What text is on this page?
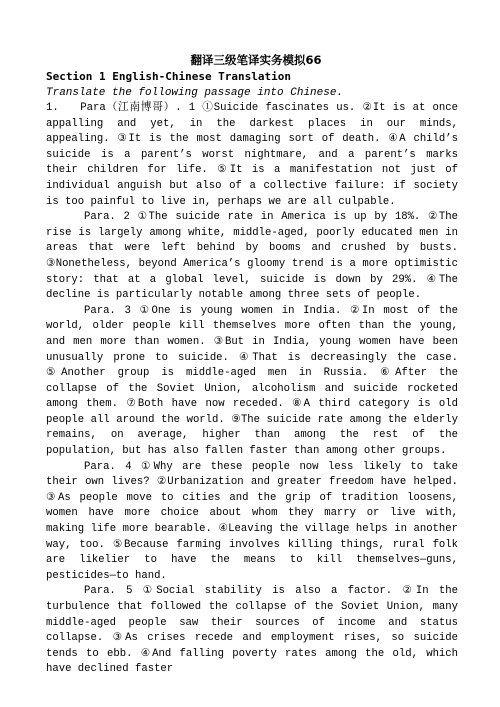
翻译三级笔译实务模拟66
Section 1 English-Chinese Translation
Translate the following passage into Chinese.

1.   Para（江南博哥）. 1 ①Suicide fascinates us. ②It is at once appalling and yet, in the darkest places in our minds, appealing. ③It is the most damaging sort of death. ④A child’s suicide is a parent’s worst nightmare, and a parent’s marks their children for life. ⑤It is a manifestation not just of individual anguish but also of a collective failure: if society is too painful to live in, perhaps we are all culpable.

Para. 2 ①The suicide rate in America is up by 18%. ②The rise is largely among white, middle-aged, poorly educated men in areas that were left behind by booms and crushed by busts. ③Nonetheless, beyond America’s gloomy trend is a more optimistic story: that at a global level, suicide is down by 29%. ④The decline is particularly notable among three sets of people.

Para. 3 ①One is young women in India. ②In most of the world, older people kill themselves more often than the young, and men more than women. ③But in India, young women have been unusually prone to suicide. ④That is decreasingly the case. ⑤Another group is middle-aged men in Russia. ⑥After the collapse of the Soviet Union, alcoholism and suicide rocketed among them. ⑦Both have now receded. ⑧A third category is old people all around the world. ⑨The suicide rate among the elderly remains, on average, higher than among the rest of the population, but has also fallen faster than among other groups.

Para. 4 ①Why are these people now less likely to take their own lives? ②Urbanization and greater freedom have helped. ③As people move to cities and the grip of tradition loosens, women have more choice about whom they marry or live with, making life more bearable. ④Leaving the village helps in another way, too. ⑤Because farming involves killing things, rural folk are likelier to have the means to kill themselves—guns, pesticides—to hand.

Para. 5 ①Social stability is also a factor. ②In the turbulence that followed the collapse of the Soviet Union, many middle-aged people saw their sources of income and status collapse. ③As crises recede and employment rises, so suicide tends to ebb. ④And falling poverty rates among the old, which have declined faster
